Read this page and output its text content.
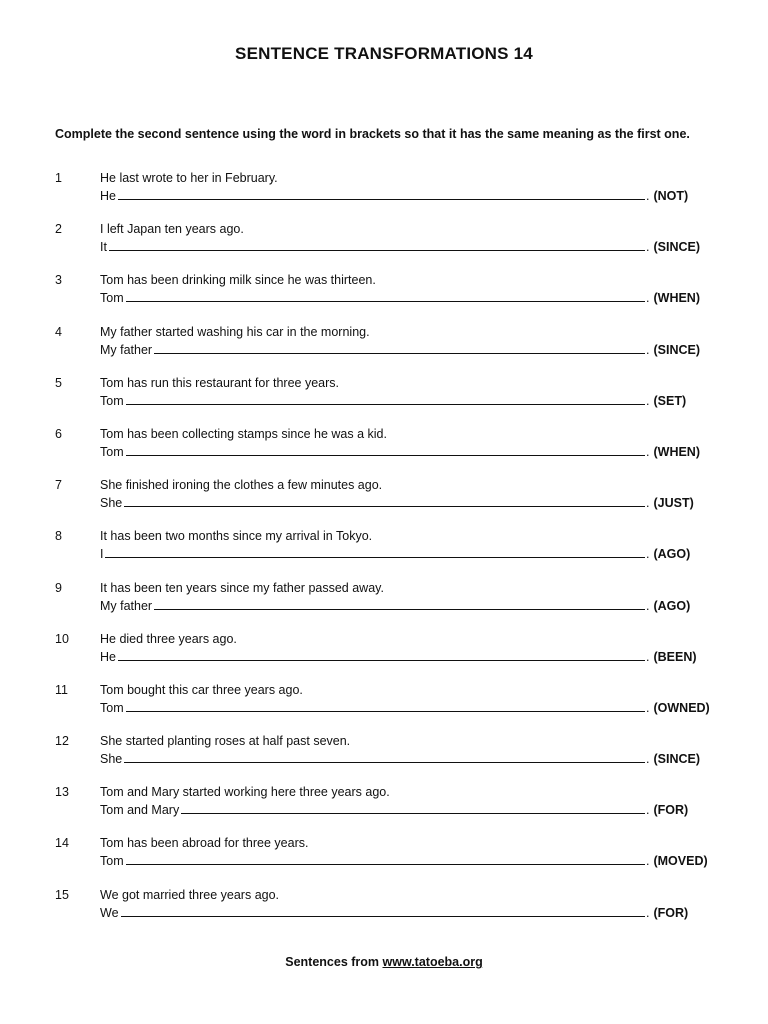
SENTENCE TRANSFORMATIONS 14
Complete the second sentence using the word in brackets so that it has the same meaning as the first one.
1	He last wrote to her in February.
He	. (NOT)
2	I left Japan ten years ago.
It	. (SINCE)
3	Tom has been drinking milk since he was thirteen.
Tom	. (WHEN)
4	My father started washing his car in the morning.
My father	. (SINCE)
5	Tom has run this restaurant for three years.
Tom	. (SET)
6	Tom has been collecting stamps since he was a kid.
Tom	. (WHEN)
7	She finished ironing the clothes a few minutes ago.
She	. (JUST)
8	It has been two months since my arrival in Tokyo.
I	. (AGO)
9	It has been ten years since my father passed away.
My father	. (AGO)
10	He died three years ago.
He	. (BEEN)
11	Tom bought this car three years ago.
Tom	. (OWNED)
12	She started planting roses at half past seven.
She	. (SINCE)
13	Tom and Mary started working here three years ago.
Tom and Mary	. (FOR)
14	Tom has been abroad for three years.
Tom	. (MOVED)
15	We got married three years ago.
We	. (FOR)
Sentences from www.tatoeba.org
